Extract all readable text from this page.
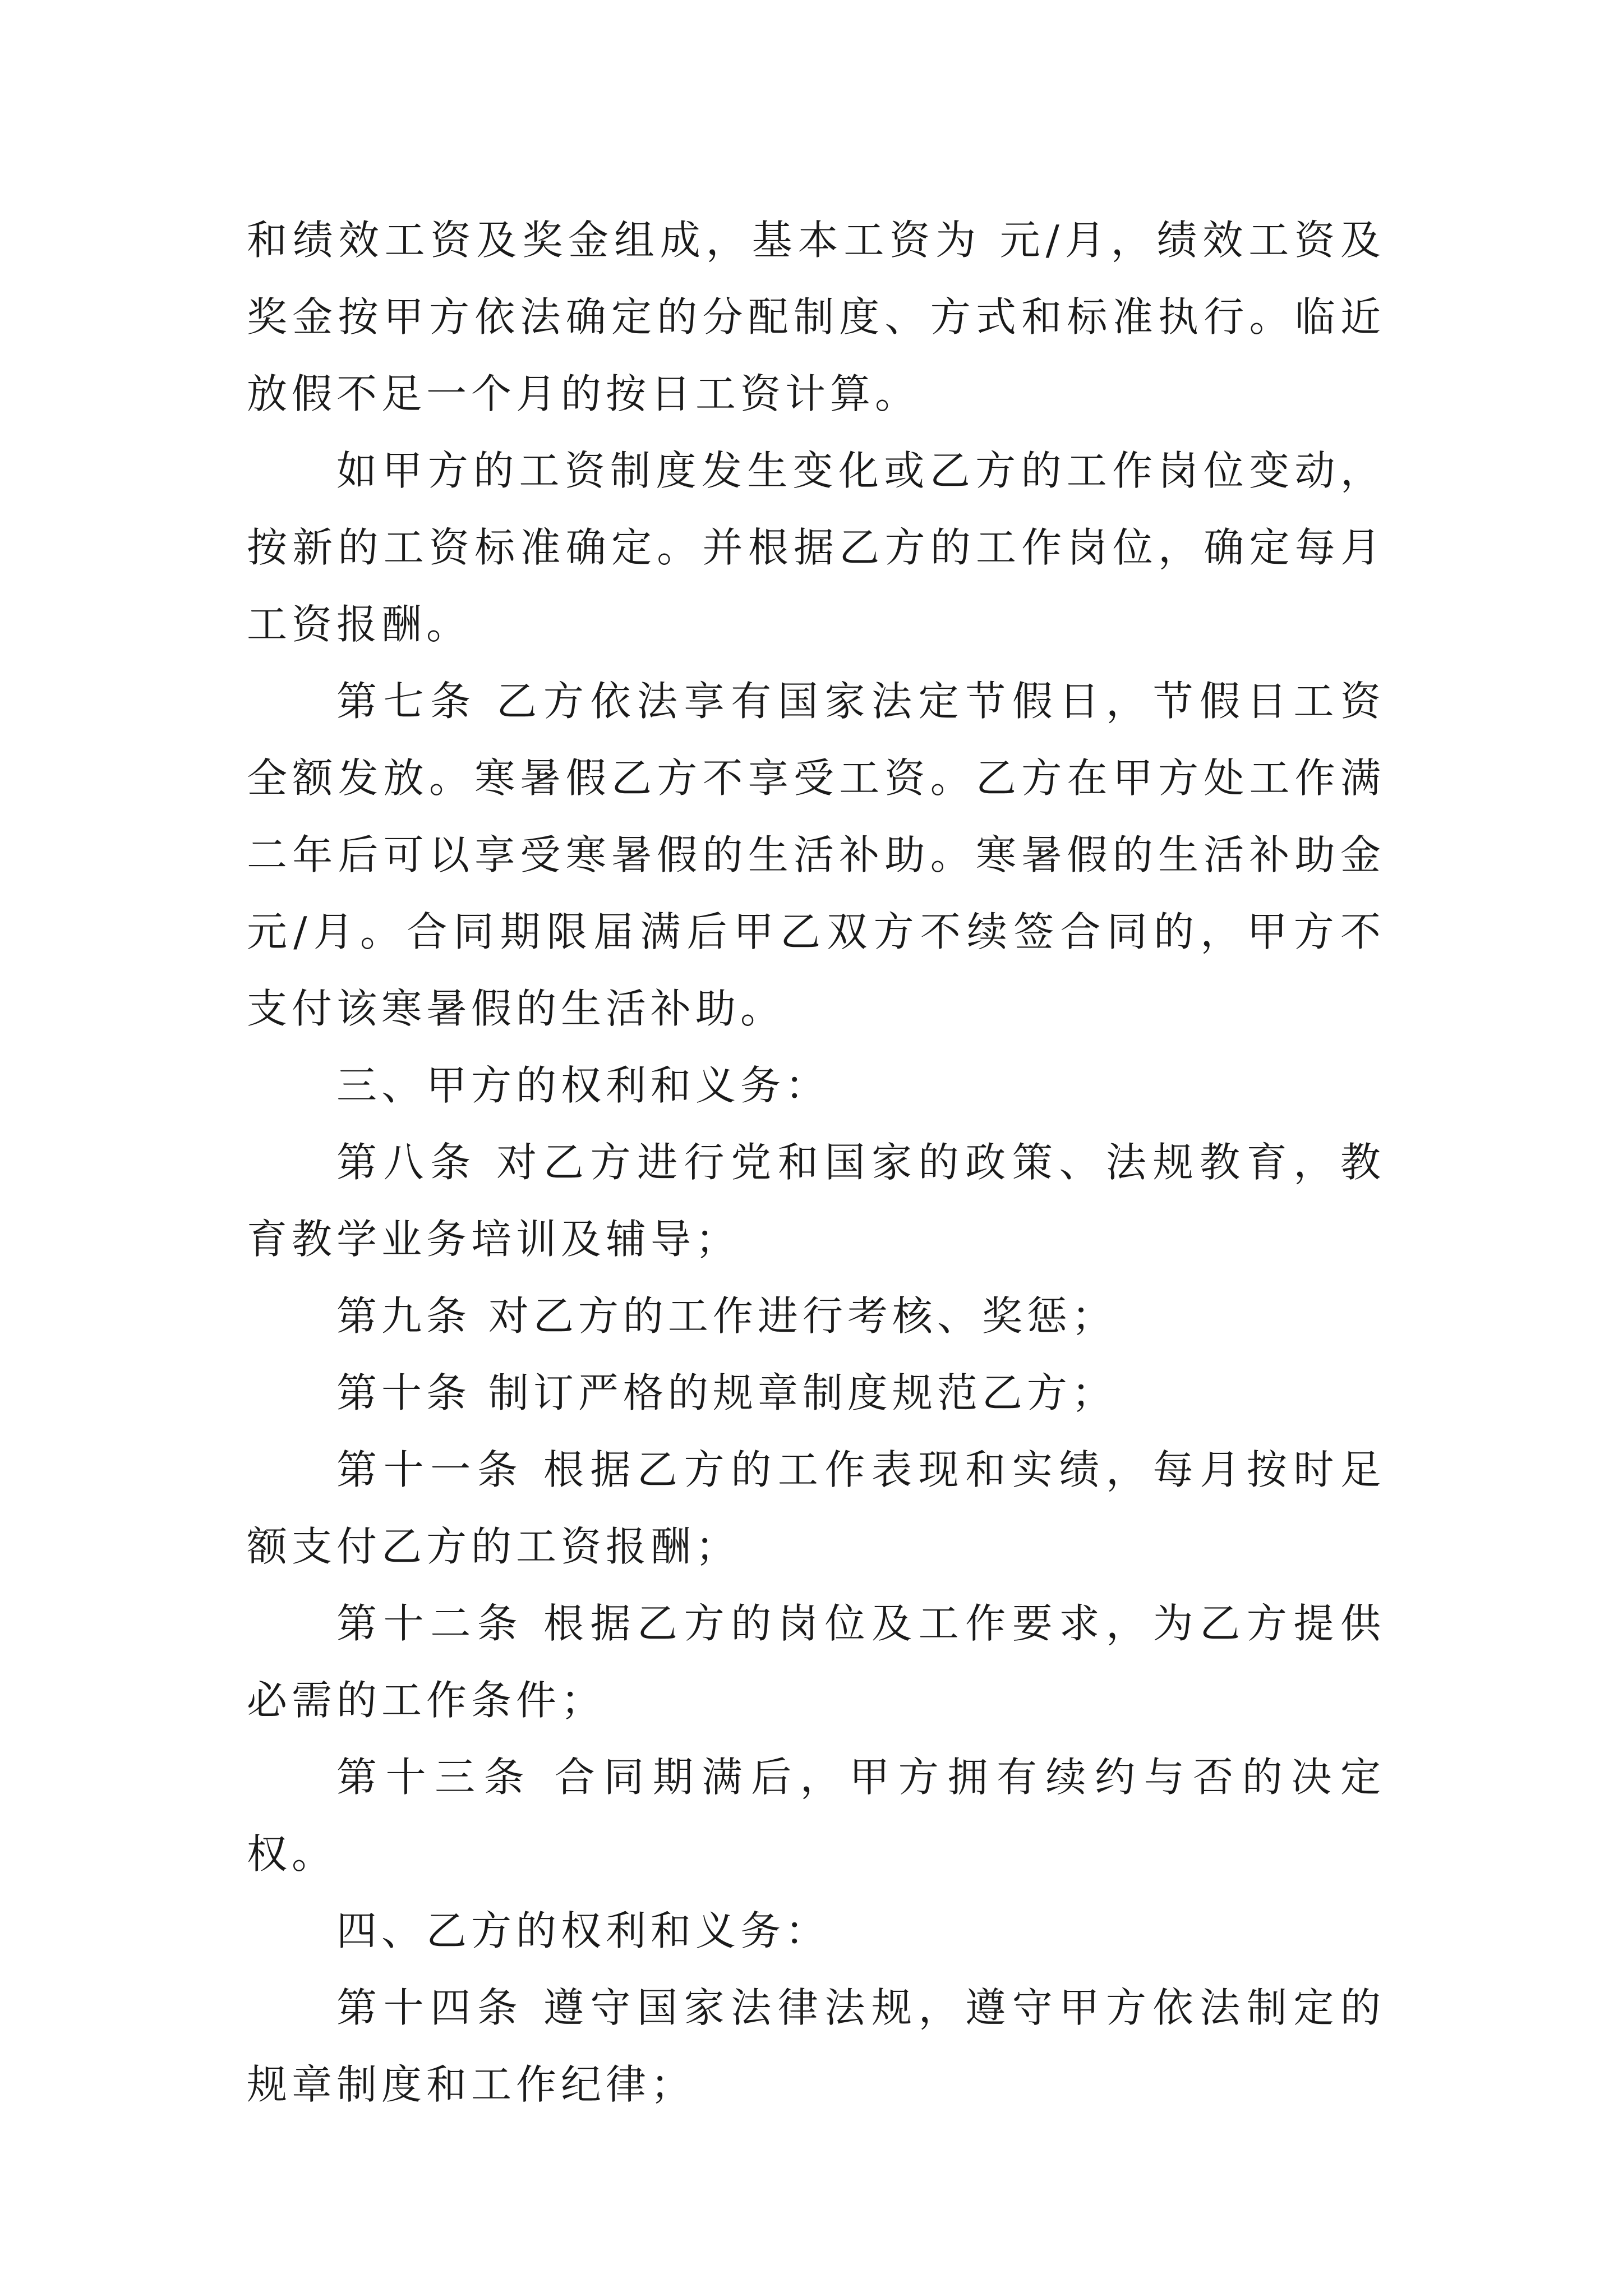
和绩效工资及奖金组成，基本工资为 元/月，绩效工资及奖金按甲方依法确定的分配制度、方式和标准执行。临近放假不足一个月的按日工资计算。

如甲方的工资制度发生变化或乙方的工作岗位变动，按新的工资标准确定。并根据乙方的工作岗位，确定每月工资报酬。

第七条 乙方依法享有国家法定节假日，节假日工资全额发放。寒暑假乙方不享受工资。乙方在甲方处工作满二年后可以享受寒暑假的生活补助。寒暑假的生活补助金 元/月。合同期限届满后甲乙双方不续签合同的，甲方不支付该寒暑假的生活补助。

三、甲方的权利和义务：

第八条 对乙方进行党和国家的政策、法规教育，教育教学业务培训及辅导；

第九条 对乙方的工作进行考核、奖惩；

第十条 制订严格的规章制度规范乙方；

第十一条 根据乙方的工作表现和实绩，每月按时足额支付乙方的工资报酬；

第十二条 根据乙方的岗位及工作要求，为乙方提供必需的工作条件；

第十三条 合同期满后，甲方拥有续约与否的决定权。

四、乙方的权利和义务：

第十四条 遵守国家法律法规，遵守甲方依法制定的规章制度和工作纪律；
